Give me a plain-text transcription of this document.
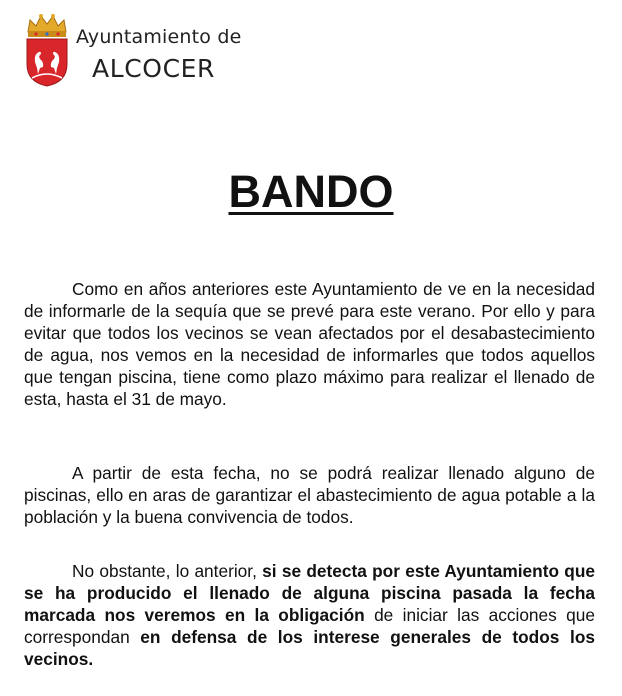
Ayuntamiento de
ALCOCER
BANDO

Como en años anteriores este Ayuntamiento de ve en la necesidad de informarle de la sequía que se prevé para este verano. Por ello y para evitar que todos los vecinos se vean afectados por el desabastecimiento de agua, nos vemos en la necesidad de informarles que todos aquellos que tengan piscina, tiene como plazo máximo para realizar el llenado de esta, hasta el 31 de mayo.

A partir de esta fecha, no se podrá realizar llenado alguno de piscinas, ello en aras de garantizar el abastecimiento de agua potable a la población y la buena convivencia de todos.

No obstante, lo anterior, si se detecta por este Ayuntamiento que se ha producido el llenado de alguna piscina pasada la fecha marcada nos veremos en la obligación de iniciar las acciones que correspondan en defensa de los interese generales de todos los vecinos.
